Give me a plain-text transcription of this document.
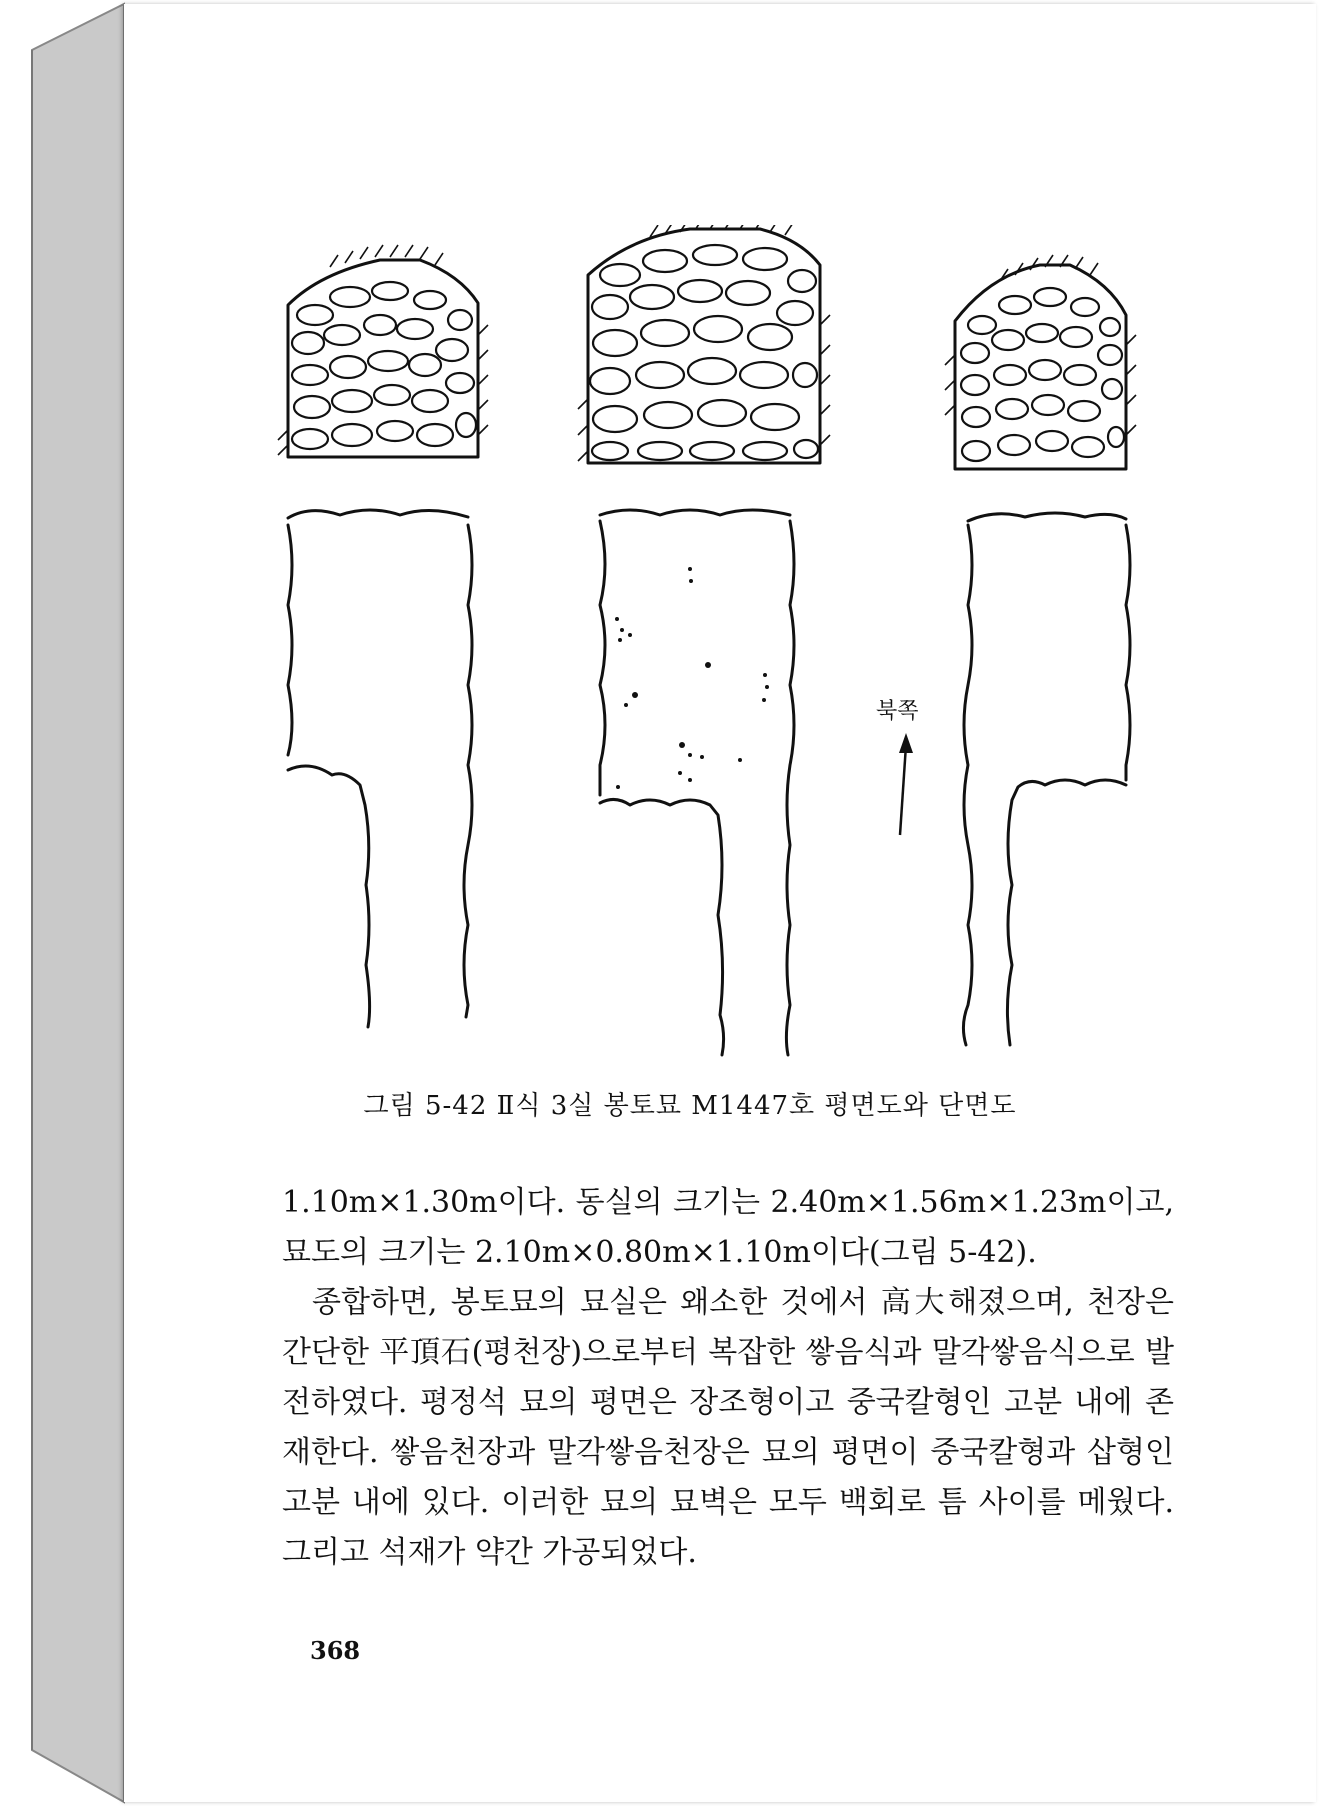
북쪽
그림 5-42 Ⅱ식 3실 봉토묘 M1447호 평면도와 단면도

1.10m×1.30m이다. 동실의 크기는 2.40m×1.56m×1.23m이고, 묘도의 크기는 2.10m×0.80m×1.10m이다(그림 5-42).

종합하면, 봉토묘의 묘실은 왜소한 것에서 高大해졌으며, 천장은 간단한 平頂石(평천장)으로부터 복잡한 쌓음식과 말각쌓음식으로 발전하였다. 평정석 묘의 평면은 장조형이고 중국칼형인 고분 내에 존재한다. 쌓음천장과 말각쌓음천장은 묘의 평면이 중국칼형과 삽형인 고분 내에 있다. 이러한 묘의 묘벽은 모두 백회로 틈 사이를 메웠다. 그리고 석재가 약간 가공되었다.

368
